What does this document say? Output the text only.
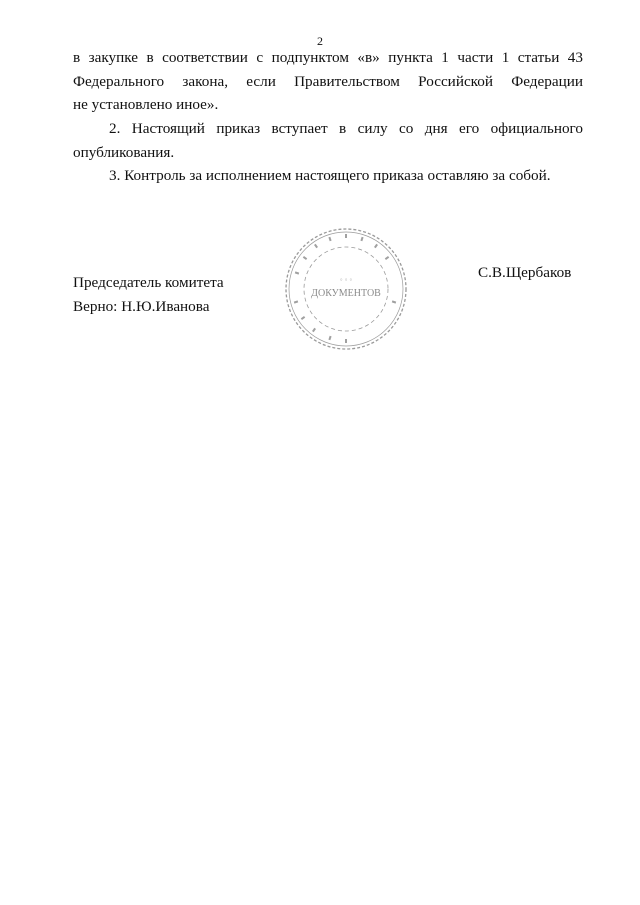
2
в закупке в соответствии с подпунктом «в» пункта 1 части 1 статьи 43
Федерального закона, если Правительством Российской Федерации
не установлено иное».
2. Настоящий приказ вступает в силу со дня его официального
опубликования.
3. Контроль за исполнением настоящего приказа оставляю за собой.
Председатель комитета
Верно: Н.Ю.Иванова
С.В.Щербаков
ДОКУМЕНТОВ
◦ ◦ ◦
